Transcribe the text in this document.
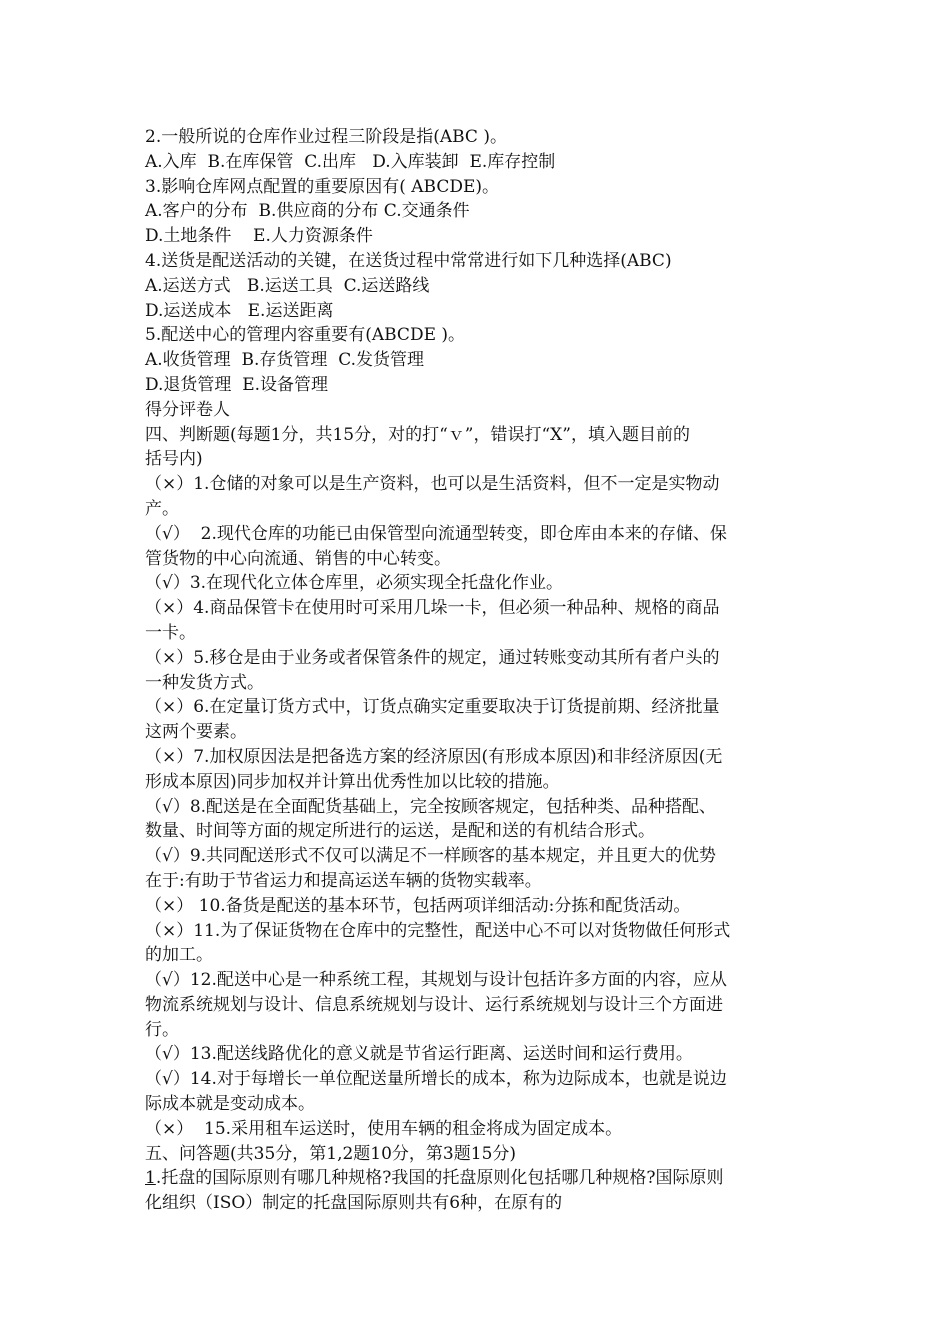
2.一般所说的仓库作业过程三阶段是指(ABC )。

A.入库  B.在库保管  C.出库   D.入库装卸  E.库存控制

3.影响仓库网点配置的重要原因有( ABCDE)。

A.客户的分布  B.供应商的分布 C.交通条件

D.土地条件    E.人力资源条件

4.送货是配送活动的关键，在送货过程中常常进行如下几种选择(ABC)

A.运送方式   B.运送工具  C.运送路线

D.运送成本   E.运送距离

5.配送中心的管理内容重要有(ABCDE )。

A.收货管理  B.存货管理  C.发货管理

D.退货管理  E.设备管理

得分评卷人

四、判断题(每题1分，共15分，对的打“ｖ”，错误打“X”，填入题目前的

括号内)

（×）1.仓储的对象可以是生产资料，也可以是生活资料，但不一定是实物动

产。

（√）  2.现代仓库的功能已由保管型向流通型转变，即仓库由本来的存储、保

管货物的中心向流通、销售的中心转变。

（√）3.在现代化立体仓库里，必须实现全托盘化作业。

（×）4.商品保管卡在使用时可采用几垛一卡，但必须一种品种、规格的商品

一卡。

（×）5.移仓是由于业务或者保管条件的规定，通过转账变动其所有者户头的

一种发货方式。

（×）6.在定量订货方式中，订货点确实定重要取决于订货提前期、经济批量

这两个要素。

（×）7.加权原因法是把备选方案的经济原因(有形成本原因)和非经济原因(无

形成本原因)同步加权并计算出优秀性加以比较的措施。

（√）8.配送是在全面配货基础上，完全按顾客规定，包括种类、品种搭配、

数量、时间等方面的规定所进行的运送，是配和送的有机结合形式。

（√）9.共同配送形式不仅可以满足不一样顾客的基本规定，并且更大的优势

在于:有助于节省运力和提高运送车辆的货物实载率。

（×） 10.备货是配送的基本环节，包括两项详细活动:分拣和配货活动。

（×）11.为了保证货物在仓库中的完整性，配送中心不可以对货物做任何形式

的加工。

（√）12.配送中心是一种系统工程，其规划与设计包括许多方面的内容，应从

物流系统规划与设计、信息系统规划与设计、运行系统规划与设计三个方面进

行。

（√）13.配送线路优化的意义就是节省运行距离、运送时间和运行费用。

（√）14.对于每增长一单位配送量所增长的成本，称为边际成本，也就是说边

际成本就是变动成本。

（×）  15.采用租车运送时，使用车辆的租金将成为固定成本。

五、问答题(共35分，第1,2题10分，第3题15分)

1.托盘的国际原则有哪几种规格?我国的托盘原则化包括哪几种规格?国际原则

化组织（ISO）制定的托盘国际原则共有6种，在原有的
